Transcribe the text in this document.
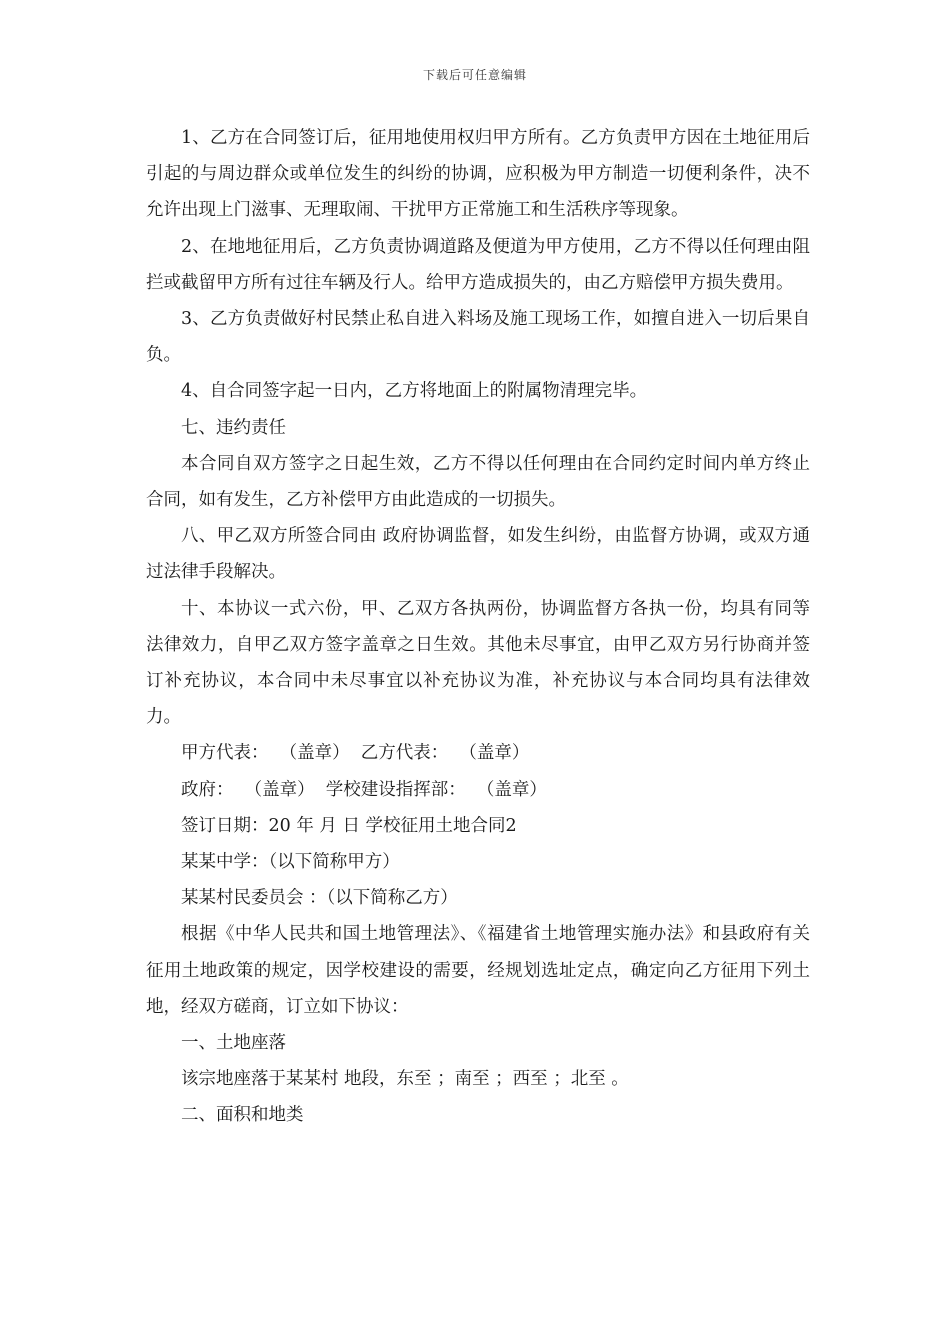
下载后可任意编辑

1、乙方在合同签订后，征用地使用权归甲方所有。乙方负责甲方因在土地征用后引起的与周边群众或单位发生的纠纷的协调，应积极为甲方制造一切便利条件，决不允许出现上门滋事、无理取闹、干扰甲方正常施工和生活秩序等现象。

2、在地地征用后，乙方负责协调道路及便道为甲方使用，乙方不得以任何理由阻拦或截留甲方所有过往车辆及行人。给甲方造成损失的，由乙方赔偿甲方损失费用。

3、乙方负责做好村民禁止私自进入料场及施工现场工作，如擅自进入一切后果自负。

4、自合同签字起一日内，乙方将地面上的附属物清理完毕。

七、违约责任

本合同自双方签字之日起生效，乙方不得以任何理由在合同约定时间内单方终止合同，如有发生，乙方补偿甲方由此造成的一切损失。

八、甲乙双方所签合同由 政府协调监督，如发生纠纷，由监督方协调，或双方通过法律手段解决。

十、本协议一式六份，甲、乙双方各执两份，协调监督方各执一份，均具有同等法律效力，自甲乙双方签字盖章之日生效。其他未尽事宜，由甲乙双方另行协商并签订补充协议，本合同中未尽事宜以补充协议为准，补充协议与本合同均具有法律效力。

甲方代表：  （盖章）  乙方代表：  （盖章）

政府：  （盖章）  学校建设指挥部：  （盖章）

签订日期：20 年 月 日 学校征用土地合同2

某某中学：（以下简称甲方）

某某村民委员会 ：（以下简称乙方）

根据《中华人民共和国土地管理法》、《福建省土地管理实施办法》和县政府有关征用土地政策的规定，因学校建设的需要，经规划选址定点，确定向乙方征用下列土地，经双方磋商，订立如下协议：

一、土地座落

该宗地座落于某某村 地段，东至 ；南至 ；西至 ；北至 。

二、面积和地类
